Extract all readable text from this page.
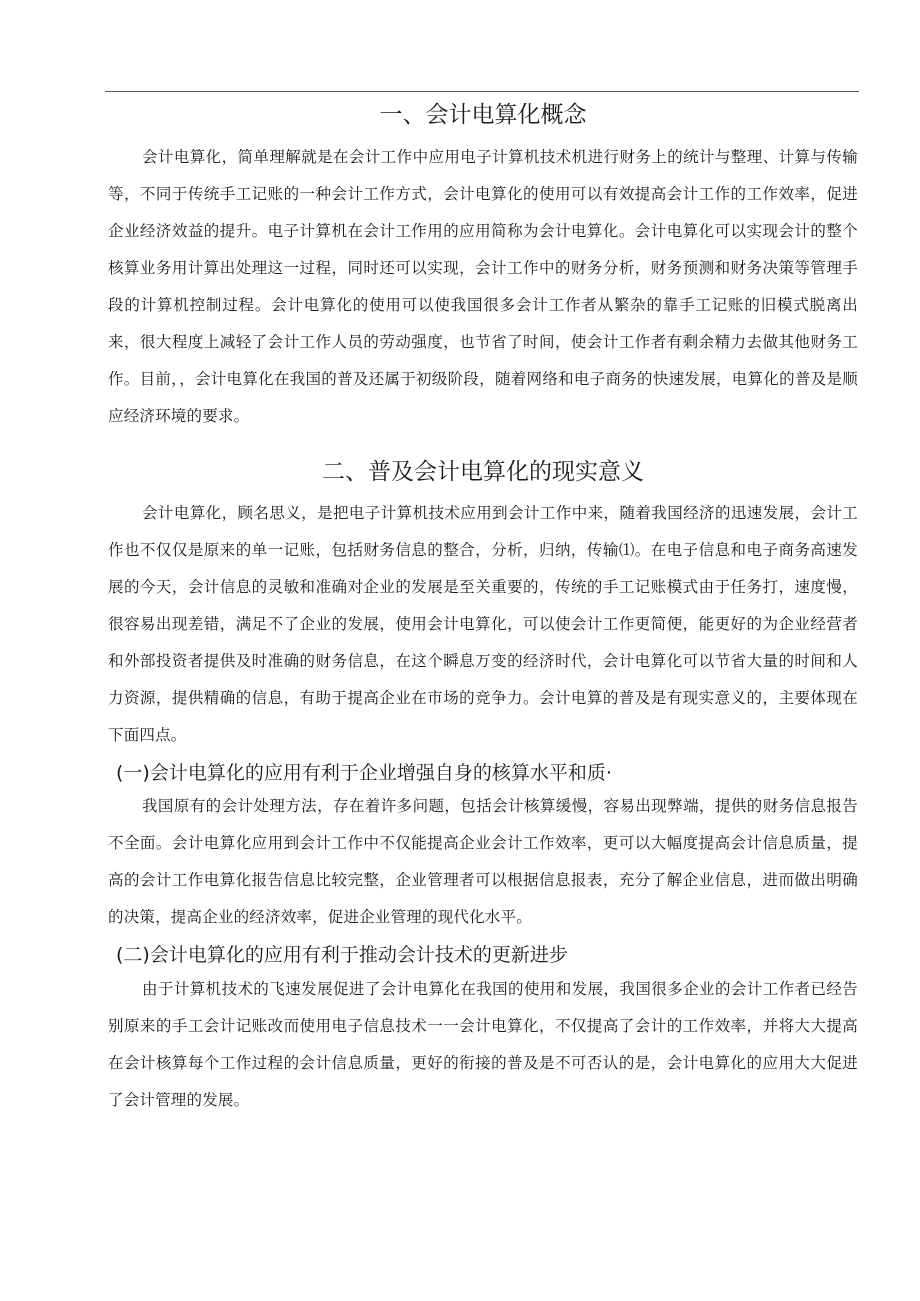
一、会计电算化概念

会计电算化，简单理解就是在会计工作中应用电子计算机技术机进行财务上的统计与整理、计算与传输等，不同于传统手工记账的一种会计工作方式，会计电算化的使用可以有效提高会计工作的工作效率，促进企业经济效益的提升。电子计算机在会计工作用的应用简称为会计电算化。会计电算化可以实现会计的整个核算业务用计算出处理这一过程，同时还可以实现，会计工作中的财务分析，财务预测和财务决策等管理手段的计算机控制过程。会计电算化的使用可以使我国很多会计工作者从繁杂的靠手工记账的旧模式脱离出来，很大程度上减轻了会计工作人员的劳动强度，也节省了时间，使会计工作者有剩余精力去做其他财务工作。目前，，会计电算化在我国的普及还属于初级阶段，随着网络和电子商务的快速发展，电算化的普及是顺应经济环境的要求。

二、普及会计电算化的现实意义

会计电算化，顾名思义，是把电子计算机技术应用到会计工作中来，随着我国经济的迅速发展，会计工作也不仅仅是原来的单一记账，包括财务信息的整合，分析，归纳，传输⑴。在电子信息和电子商务高速发展的今天，会计信息的灵敏和准确对企业的发展是至关重要的，传统的手工记账模式由于任务打，速度慢，很容易出现差错，满足不了企业的发展，使用会计电算化，可以使会计工作更简便，能更好的为企业经营者和外部投资者提供及时准确的财务信息，在这个瞬息万变的经济时代，会计电算化可以节省大量的时间和人力资源，提供精确的信息，有助于提高企业在市场的竞争力。会计电算的普及是有现实意义的，主要体现在下面四点。

(一)会计电算化的应用有利于企业增强自身的核算水平和质·

我国原有的会计处理方法，存在着许多问题，包括会计核算缓慢，容易出现弊端，提供的财务信息报告不全面。会计电算化应用到会计工作中不仅能提高企业会计工作效率，更可以大幅度提高会计信息质量，提高的会计工作电算化报告信息比较完整，企业管理者可以根据信息报表，充分了解企业信息，进而做出明确的决策，提高企业的经济效率，促进企业管理的现代化水平。

(二)会计电算化的应用有利于推动会计技术的更新进步

由于计算机技术的飞速发展促进了会计电算化在我国的使用和发展，我国很多企业的会计工作者已经告别原来的手工会计记账改而使用电子信息技术一一会计电算化，不仅提高了会计的工作效率，并将大大提高在会计核算每个工作过程的会计信息质量，更好的衔接的普及是不可否认的是，会计电算化的应用大大促进了会计管理的发展。
